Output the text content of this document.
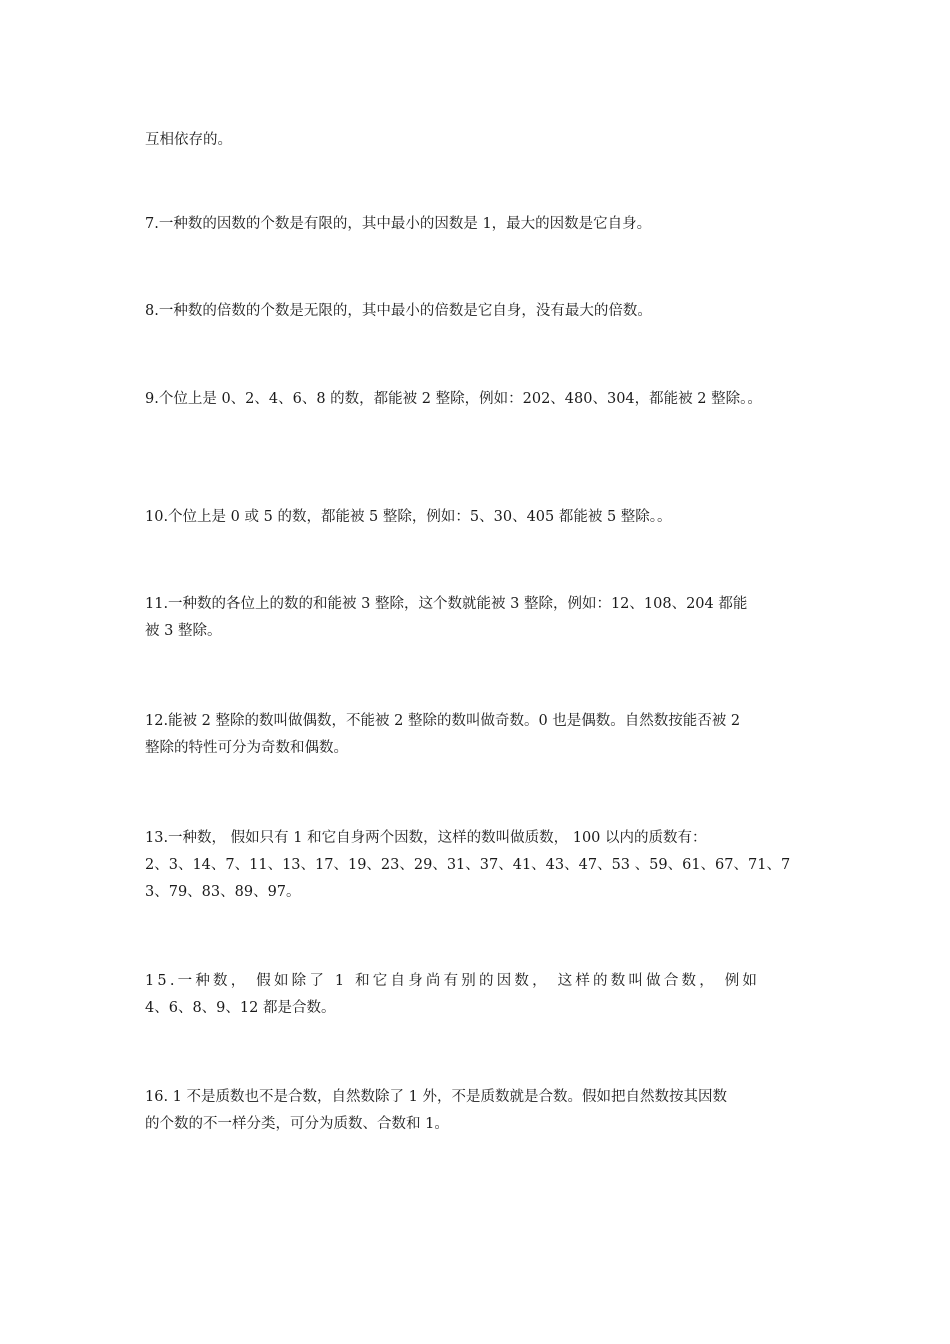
互相依存的。

7.一种数的因数的个数是有限的，其中最小的因数是 1，最大的因数是它自身。

8.一种数的倍数的个数是无限的，其中最小的倍数是它自身，没有最大的倍数。

9.个位上是 0、2、4、6、8 的数，都能被 2 整除，例如：202、480、304，都能被 2 整除。。

10.个位上是 0 或 5 的数，都能被 5 整除，例如：5、30、405 都能被 5 整除。。

11.一种数的各位上的数的和能被 3 整除，这个数就能被 3 整除，例如：12、108、204 都能
被 3 整除。
12.能被 2 整除的数叫做偶数，不能被 2 整除的数叫做奇数。0 也是偶数。自然数按能否被 2
整除的特性可分为奇数和偶数。
13.一种数， 假如只有 1 和它自身两个因数，这样的数叫做质数， 100 以内的质数有：
2、3、14、7、11、13、17、19、23、29、31、37、41、43、47、53 、59、61、67、71、7
3、79、83、89、97。
15.一种数， 假如除了 1 和它自身尚有别的因数， 这样的数叫做合数， 例如
4、6、8、9、12 都是合数。
16. 1 不是质数也不是合数，自然数除了 1 外，不是质数就是合数。假如把自然数按其因数
的个数的不一样分类，可分为质数、合数和 1。
